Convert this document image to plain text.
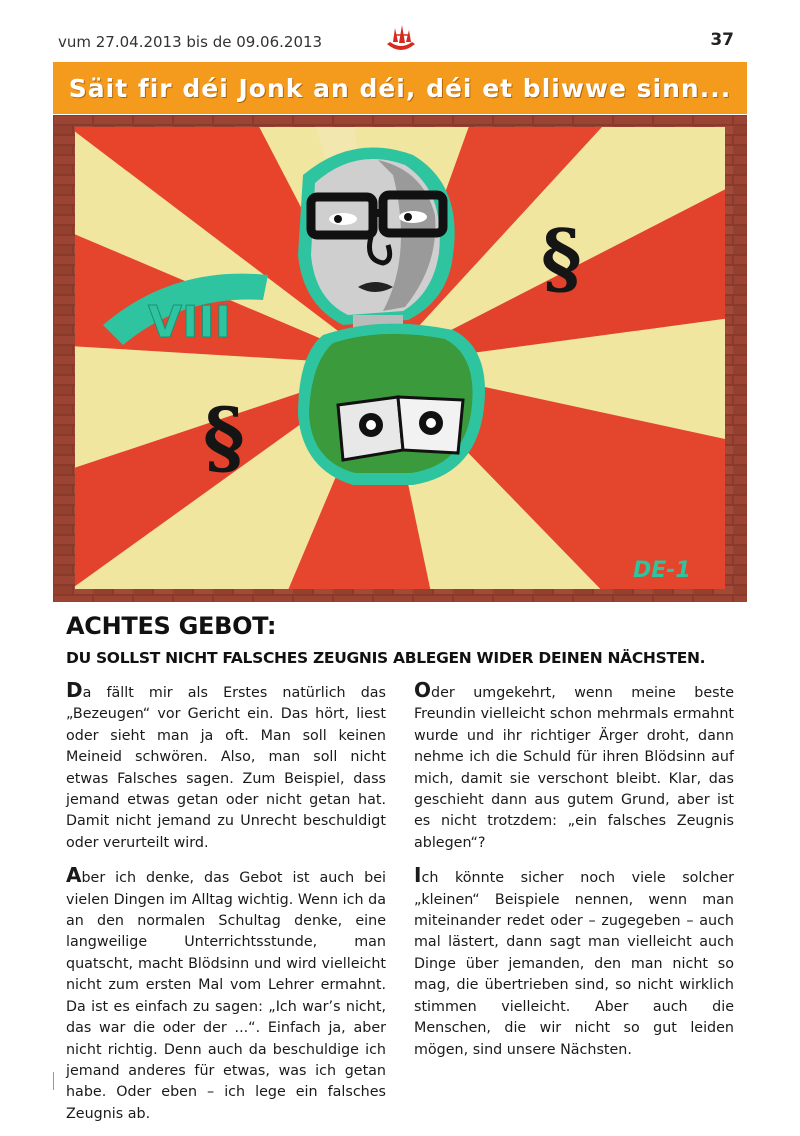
vum 27.04.2013 bis de 09.06.2013	37
Säit fir déi Jonk an déi, déi et bliwwe sinn...
VIII
§
§
DE-1
ACHTES GEBOT:
DU SOLLST NICHT FALSCHES ZEUGNIS ABLEGEN WIDER DEINEN NÄCHSTEN.

Da fällt mir als Erstes natürlich das „Bezeugen“ vor Gericht ein. Das hört, liest oder sieht man ja oft. Man soll keinen Meineid schwören. Also, man soll nicht etwas Falsches sagen. Zum Beispiel, dass jemand etwas getan oder nicht getan hat. Damit nicht jemand zu Unrecht beschuldigt oder verurteilt wird.

Aber ich denke, das Gebot ist auch bei vielen Dingen im Alltag wichtig. Wenn ich da an den normalen Schultag denke, eine langweilige Unterrichtsstunde, man quatscht, macht Blödsinn und wird vielleicht nicht zum ersten Mal vom Lehrer ermahnt. Da ist es einfach zu sagen: „Ich war’s nicht, das war die oder der ...“. Einfach ja, aber nicht richtig. Denn auch da beschuldige ich jemand anderes für etwas, was ich getan habe. Oder eben – ich lege ein falsches Zeugnis ab.

Oder umgekehrt, wenn meine beste Freundin vielleicht schon mehrmals ermahnt wurde und ihr richtiger Ärger droht, dann nehme ich die Schuld für ihren Blödsinn auf mich, damit sie verschont bleibt. Klar, das geschieht dann aus gutem Grund, aber ist es nicht trotzdem: „ein falsches Zeugnis ablegen“?

Ich könnte sicher noch viele solcher „kleinen“ Beispiele nennen, wenn man miteinander redet oder – zugegeben – auch mal lästert, dann sagt man vielleicht auch Dinge über jemanden, den man nicht so mag, die übertrieben sind, so nicht wirklich stimmen vielleicht. Aber auch die Menschen, die wir nicht so gut leiden mögen, sind unsere Nächsten.
